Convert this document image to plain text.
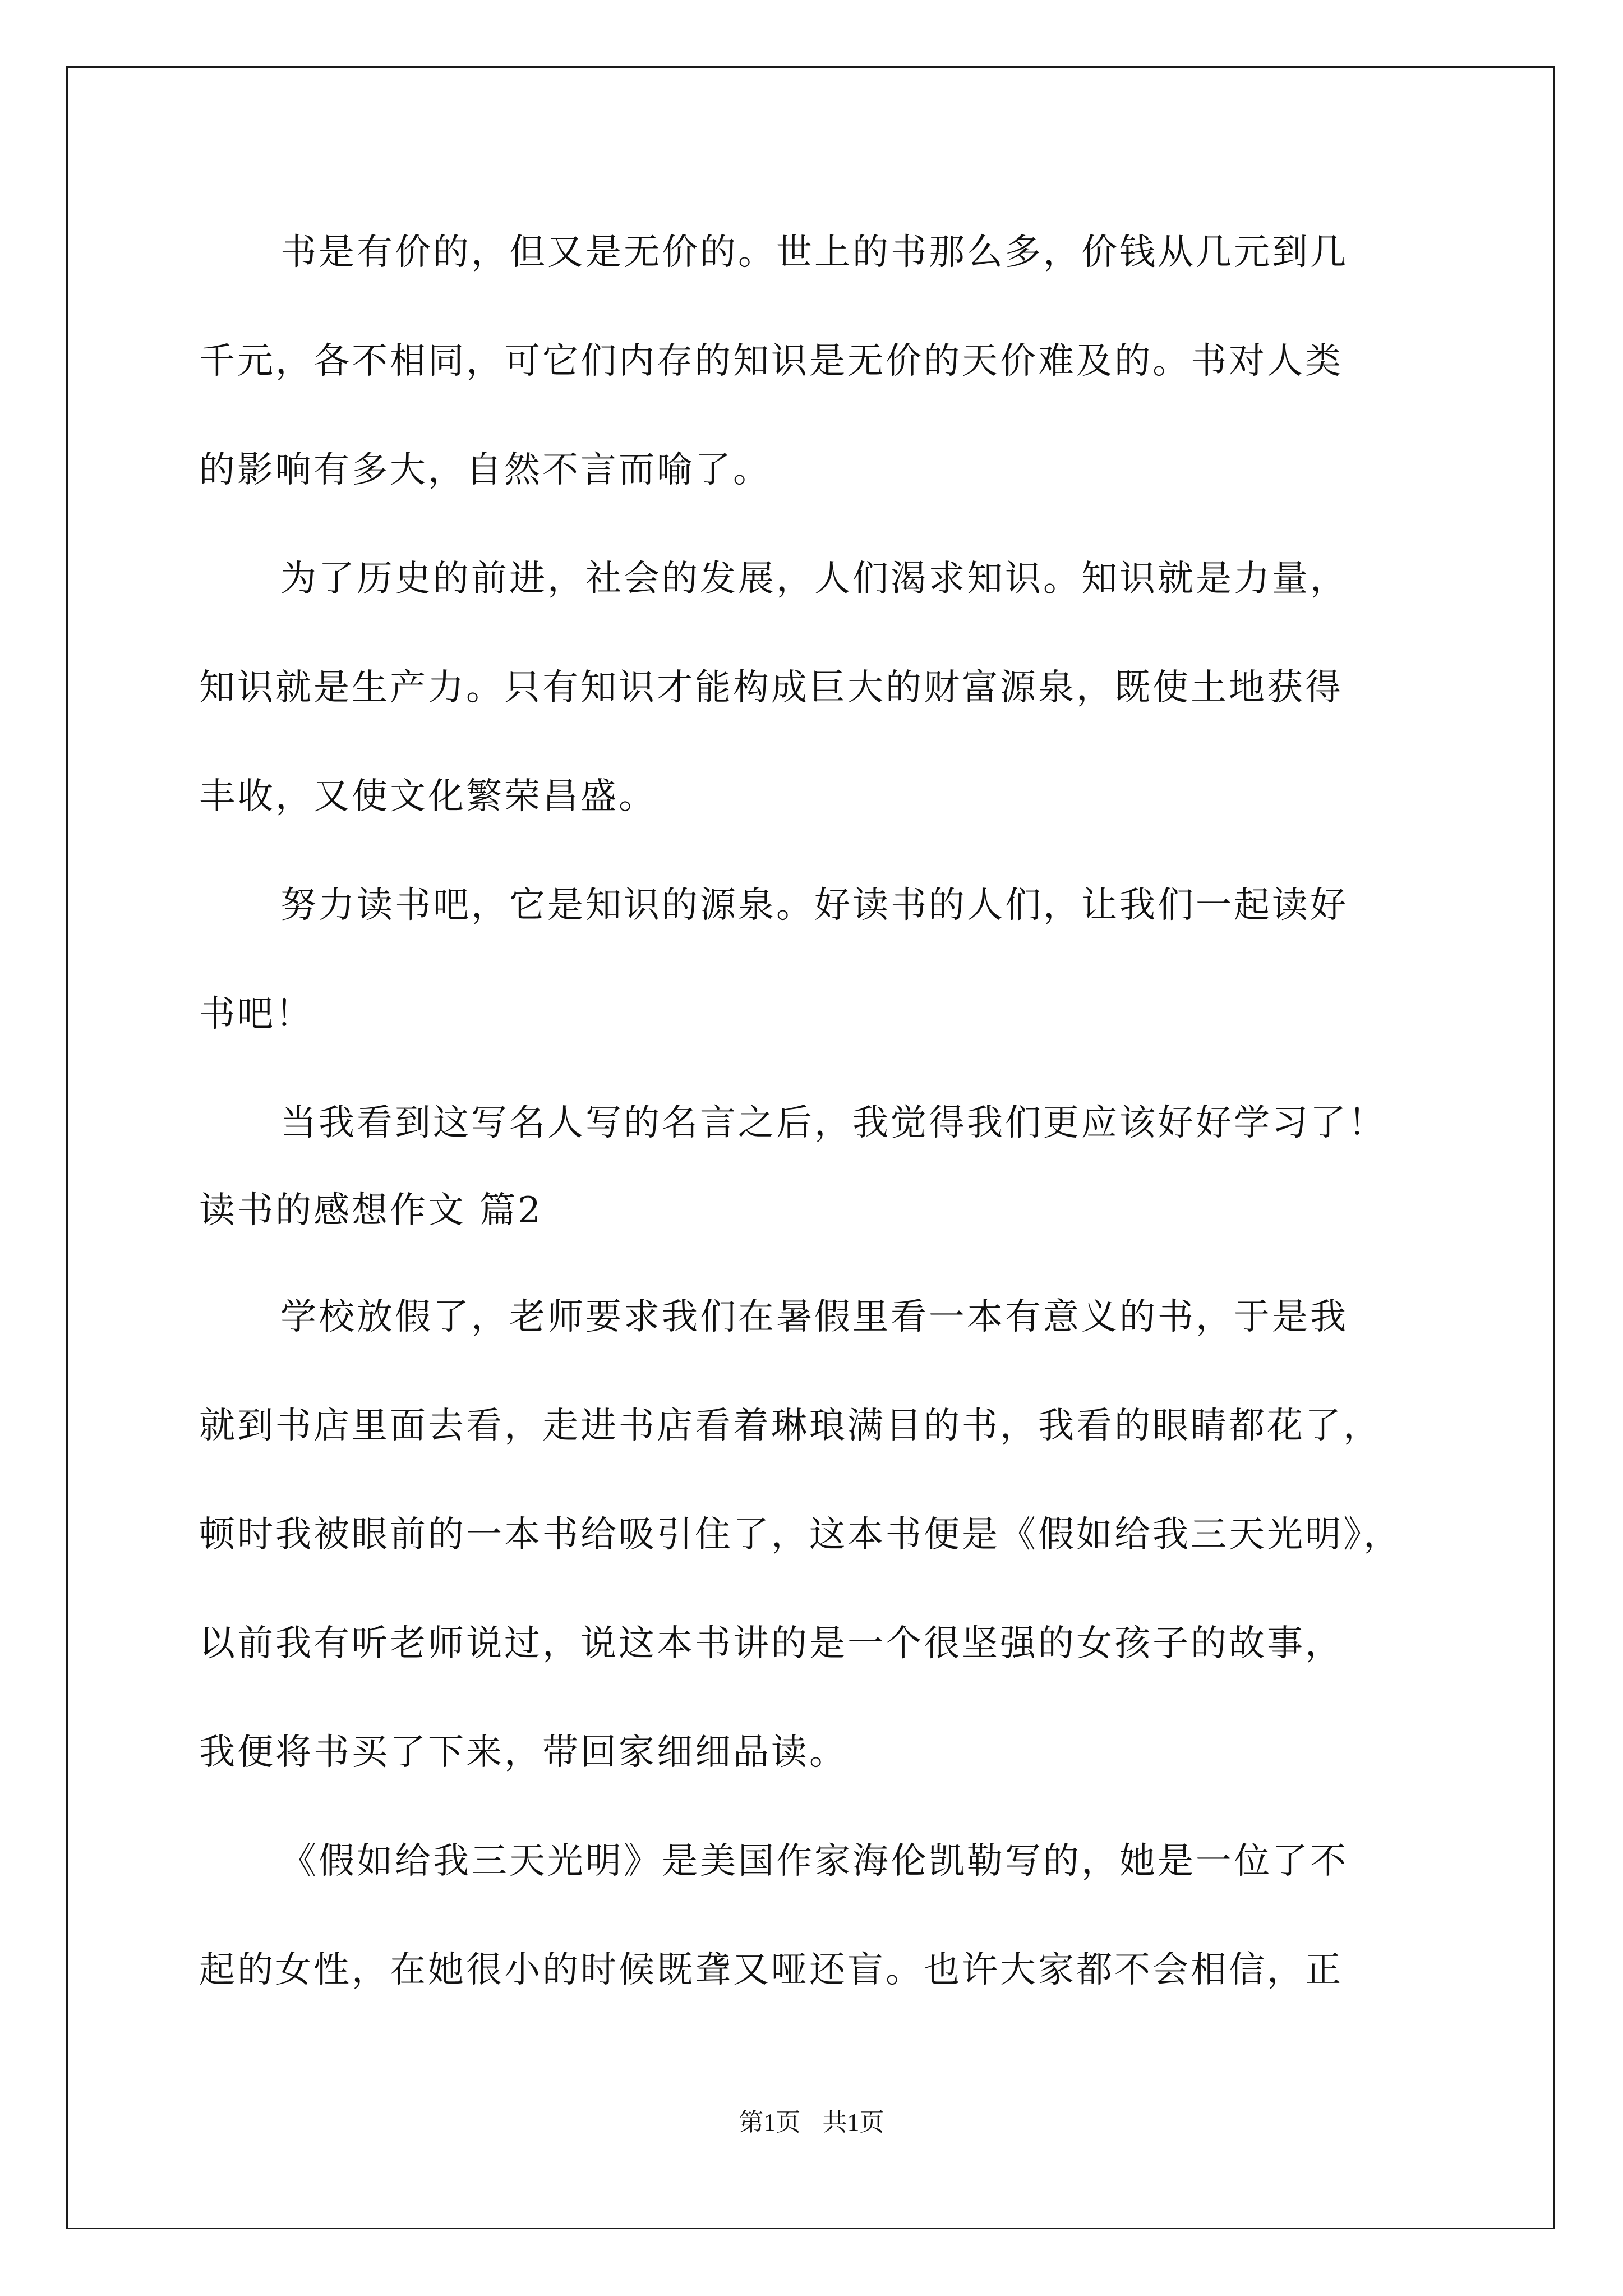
书是有价的，但又是无价的。世上的书那么多，价钱从几元到几
千元，各不相同，可它们内存的知识是无价的天价难及的。书对人类
的影响有多大，自然不言而喻了。
为了历史的前进，社会的发展，人们渴求知识。知识就是力量，
知识就是生产力。只有知识才能构成巨大的财富源泉，既使土地获得
丰收，又使文化繁荣昌盛。
努力读书吧，它是知识的源泉。好读书的人们，让我们一起读好
书吧！
当我看到这写名人写的名言之后，我觉得我们更应该好好学习了！
读书的感想作文 篇2
学校放假了，老师要求我们在暑假里看一本有意义的书，于是我
就到书店里面去看，走进书店看着琳琅满目的书，我看的眼睛都花了，
顿时我被眼前的一本书给吸引住了，这本书便是《假如给我三天光明》，
以前我有听老师说过，说这本书讲的是一个很坚强的女孩子的故事，
我便将书买了下来，带回家细细品读。
《假如给我三天光明》是美国作家海伦凯勒写的，她是一位了不
起的女性，在她很小的时候既聋又哑还盲。也许大家都不会相信，正
第1页 共1页
